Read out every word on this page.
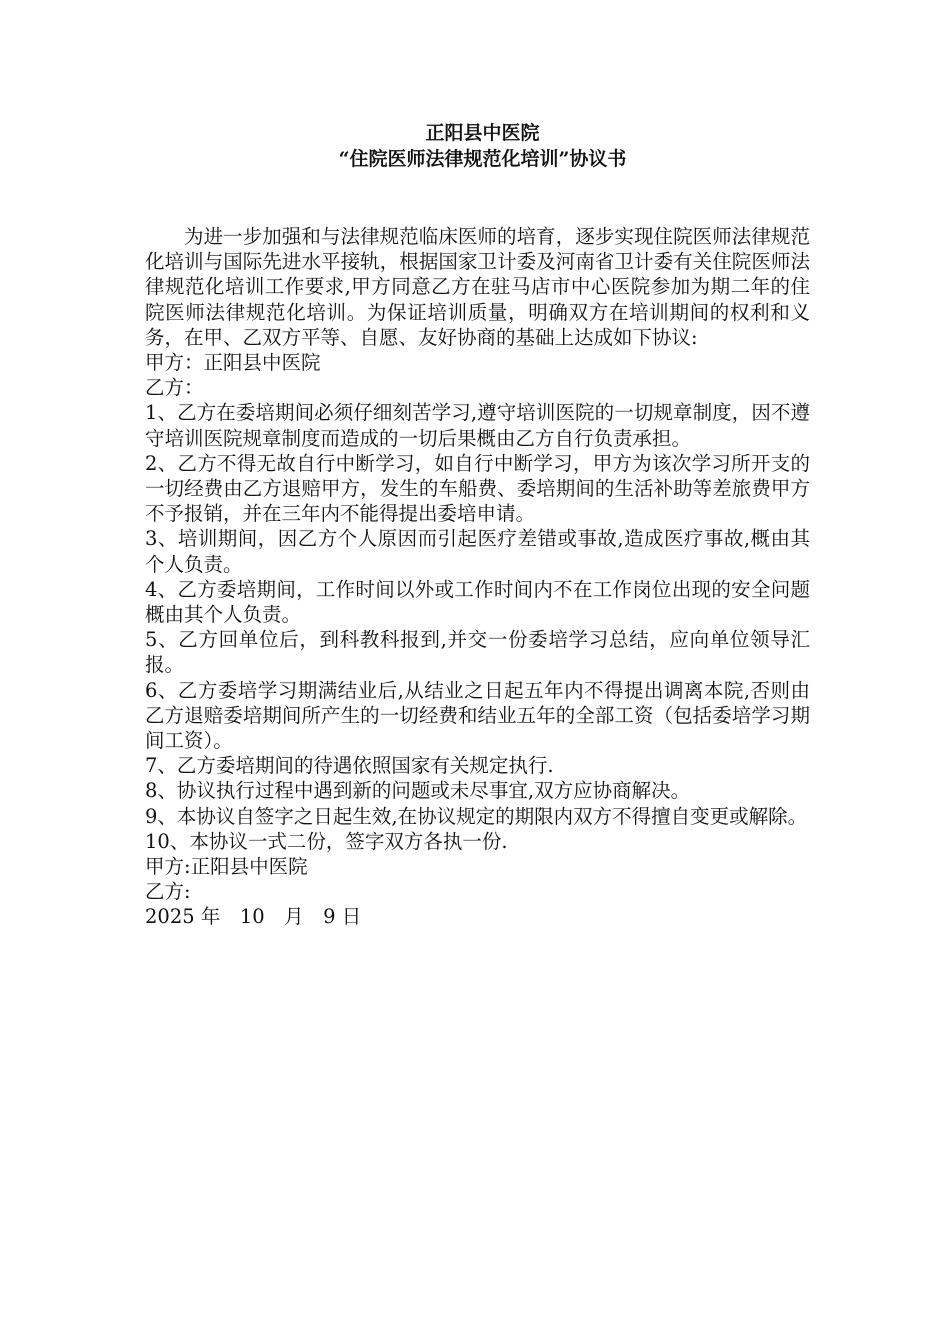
正阳县中医院

“住院医师法律规范化培训”协议书

为进一步加强和与法律规范临床医师的培育，逐步实现住院医师法律规范化培训与国际先进水平接轨，根据国家卫计委及河南省卫计委有关住院医师法律规范化培训工作要求,甲方同意乙方在驻马店市中心医院参加为期二年的住院医师法律规范化培训。为保证培训质量，明确双方在培训期间的权利和义务，在甲、乙双方平等、自愿、友好协商的基础上达成如下协议:

甲方：正阳县中医院

乙方：

1、乙方在委培期间必须仔细刻苦学习,遵守培训医院的一切规章制度，因不遵守培训医院规章制度而造成的一切后果概由乙方自行负责承担。

2、乙方不得无故自行中断学习，如自行中断学习，甲方为该次学习所开支的一切经费由乙方退赔甲方，发生的车船费、委培期间的生活补助等差旅费甲方不予报销，并在三年内不能得提出委培申请。

3、培训期间，因乙方个人原因而引起医疗差错或事故,造成医疗事故,概由其个人负责。

4、乙方委培期间，工作时间以外或工作时间内不在工作岗位出现的安全问题概由其个人负责。

5、乙方回单位后，到科教科报到,并交一份委培学习总结，应向单位领导汇报。

6、乙方委培学习期满结业后,从结业之日起五年内不得提出调离本院,否则由乙方退赔委培期间所产生的一切经费和结业五年的全部工资（包括委培学习期间工资）。

7、乙方委培期间的待遇依照国家有关规定执行.

8、协议执行过程中遇到新的问题或未尽事宜,双方应协商解决。

9、本协议自签字之日起生效,在协议规定的期限内双方不得擅自变更或解除。

10、本协议一式二份，签字双方各执一份.

甲方:正阳县中医院

乙方:

2025 年　10　月　9 日
